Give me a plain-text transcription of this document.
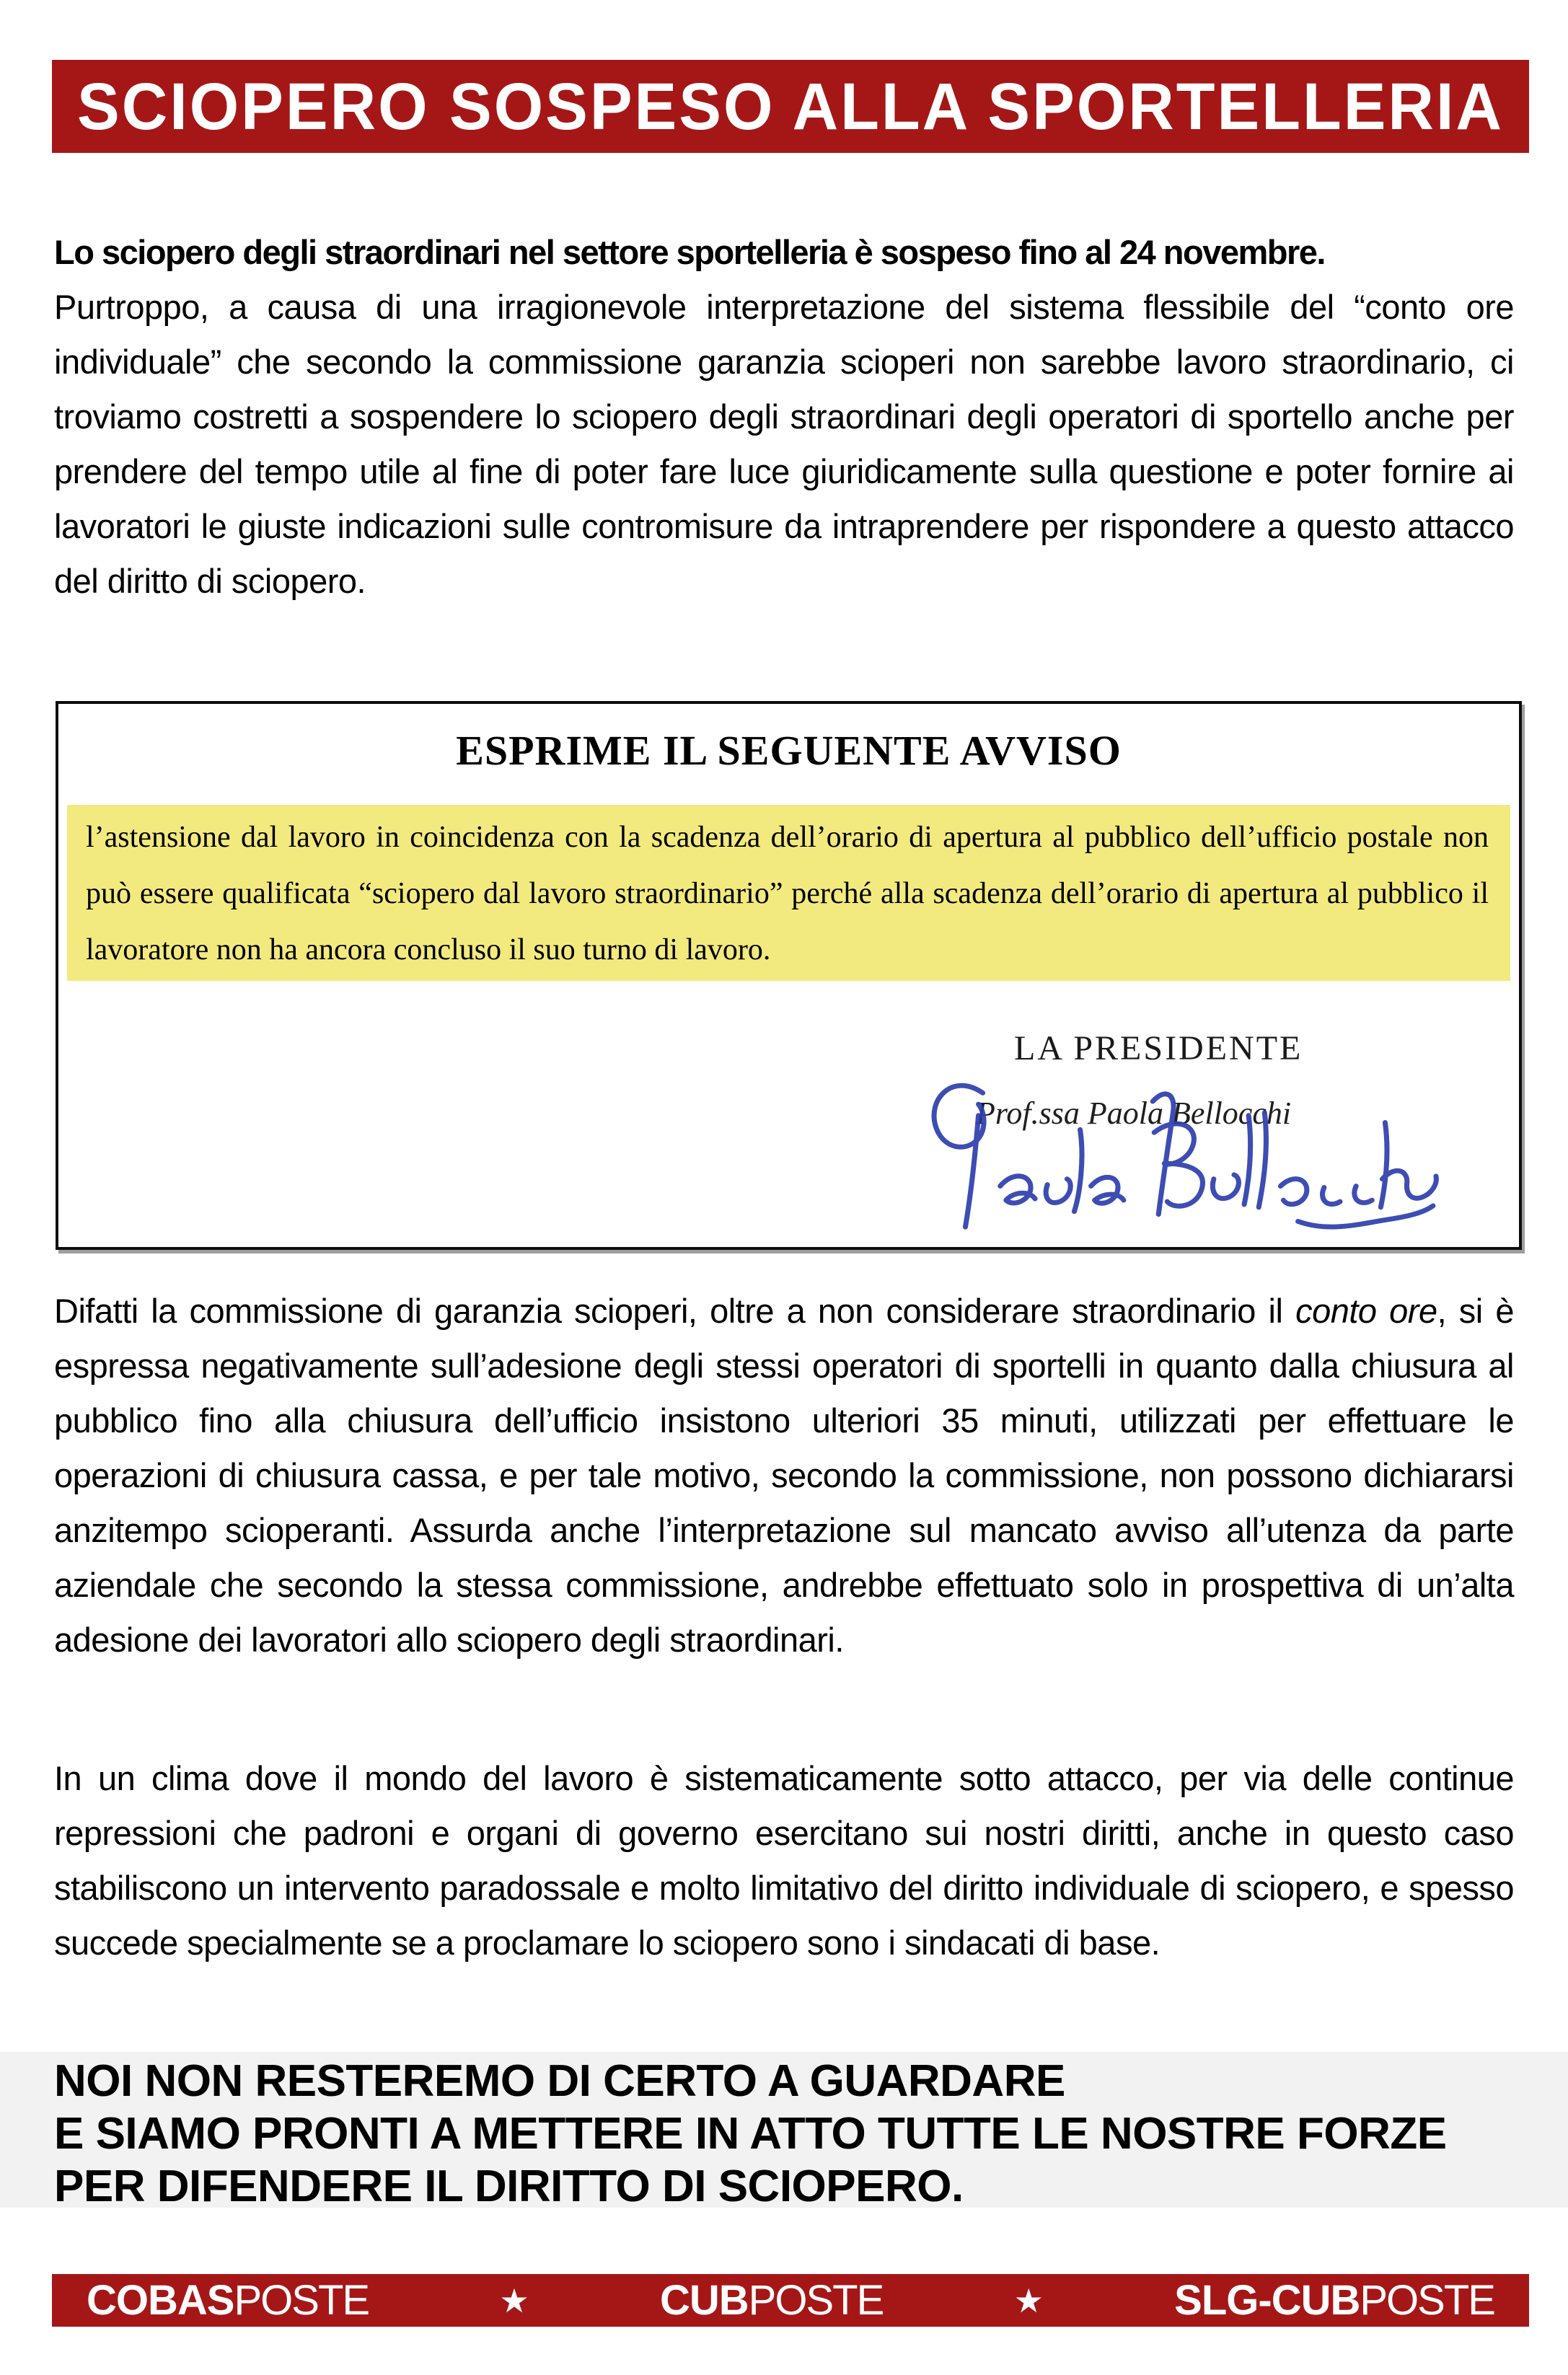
SCIOPERO SOSPESO ALLA SPORTELLERIA

Lo sciopero degli straordinari nel settore sportelleria è sospeso fino al 24 novembre.
Purtroppo, a causa di una irragionevole interpretazione del sistema flessibile del “conto ore individuale” che secondo la commissione garanzia scioperi non sarebbe lavoro straordinario, ci troviamo costretti a sospendere lo sciopero degli straordinari degli operatori di sportello anche per prendere del tempo utile al fine di poter fare luce giuridicamente sulla questione e poter fornire ai lavoratori le giuste indicazioni sulle contromisure da intraprendere per rispondere a questo attacco del diritto di sciopero.

ESPRIME IL SEGUENTE AVVISO
l’astensione dal lavoro in coincidenza con la scadenza dell’orario di apertura al pubblico dell’ufficio postale non può essere qualificata “sciopero dal lavoro straordinario” perché alla scadenza dell’orario di apertura al pubblico il lavoratore non ha ancora concluso il suo turno di lavoro.
LA PRESIDENTE
Prof.ssa Paola Bellocchi

Difatti la commissione di garanzia scioperi, oltre a non considerare straordinario il conto ore, si è espressa negativamente sull’adesione degli stessi operatori di sportelli in quanto dalla chiusura al pubblico fino alla chiusura dell’ufficio insistono ulteriori 35 minuti, utilizzati per effettuare le operazioni di chiusura cassa, e per tale motivo, secondo la commissione, non possono dichiararsi anzitempo scioperanti. Assurda anche l’interpretazione sul mancato avviso all’utenza da parte aziendale che secondo la stessa commissione, andrebbe effettuato solo in prospettiva di un’alta adesione dei lavoratori allo sciopero degli straordinari.

In un clima dove il mondo del lavoro è sistematicamente sotto attacco, per via delle continue repressioni che padroni e organi di governo esercitano sui nostri diritti, anche in questo caso stabiliscono un intervento paradossale e molto limitativo del diritto individuale di sciopero, e spesso succede specialmente se a proclamare lo sciopero sono i sindacati di base.

NOI NON RESTEREMO DI CERTO A GUARDARE
E SIAMO PRONTI A METTERE IN ATTO TUTTE LE NOSTRE FORZE
PER DIFENDERE IL DIRITTO DI SCIOPERO.
COBASPOSTE	★	CUBPOSTE	★	SLG-CUBPOSTE
